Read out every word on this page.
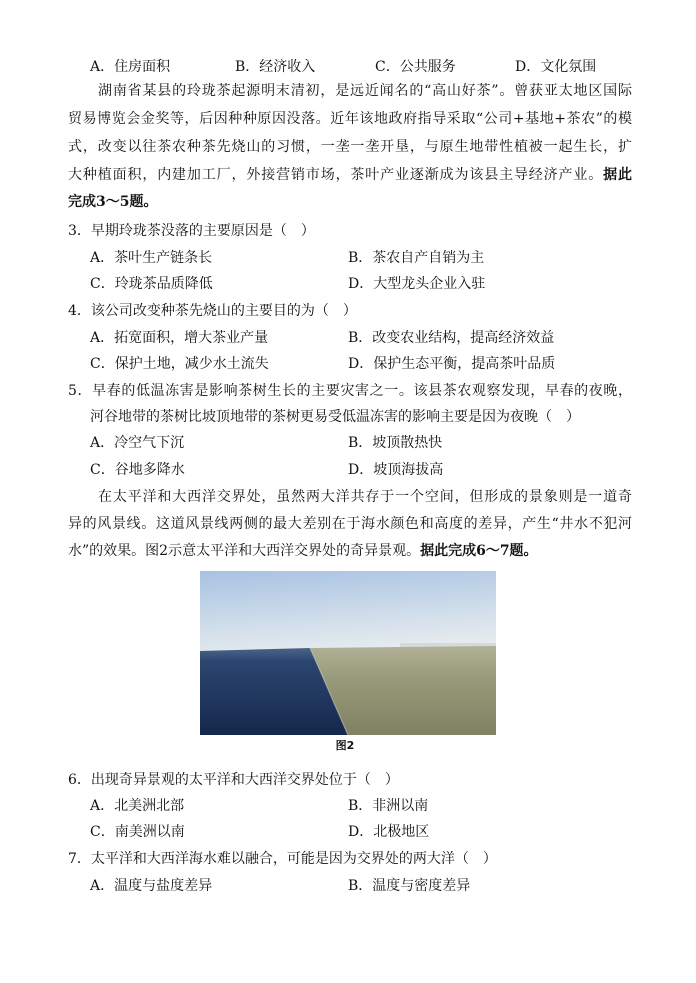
A．住房面积	B．经济收入	C．公共服务	D．文化氛围
湖南省某县的玲珑茶起源明末清初，是远近闻名的“高山好茶”。曾获亚太地区国际
贸易博览会金奖等，后因种种原因没落。近年该地政府指导采取“公司+基地+茶农”的模
式，改变以往茶农种茶先烧山的习惯，一垄一垄开垦，与原生地带性植被一起生长，扩
大种植面积，内建加工厂，外接营销市场，茶叶产业逐渐成为该县主导经济产业。据此
完成3～5题。
3．早期玲珑茶没落的主要原因是（　）
A．茶叶生产链条长	B．茶农自产自销为主
C．玲珑茶品质降低	D．大型龙头企业入驻
4．该公司改变种茶先烧山的主要目的为（　）
A．拓宽面积，增大茶业产量	B．改变农业结构，提高经济效益
C．保护土地，减少水土流失	D．保护生态平衡，提高茶叶品质
5．早春的低温冻害是影响茶树生长的主要灾害之一。该县茶农观察发现，早春的夜晚，
河谷地带的茶树比坡顶地带的茶树更易受低温冻害的影响主要是因为夜晚（　）
A．冷空气下沉	B．坡顶散热快
C．谷地多降水	D．坡顶海拔高
在太平洋和大西洋交界处，虽然两大洋共存于一个空间，但形成的景象则是一道奇
异的风景线。这道风景线两侧的最大差别在于海水颜色和高度的差异，产生“井水不犯河
水”的效果。图2示意太平洋和大西洋交界处的奇异景观。据此完成6～7题。
图2
6．出现奇异景观的太平洋和大西洋交界处位于（　）
A．北美洲北部	B．非洲以南
C．南美洲以南	D．北极地区
7．太平洋和大西洋海水难以融合，可能是因为交界处的两大洋（　）
A．温度与盐度差异	B．温度与密度差异
